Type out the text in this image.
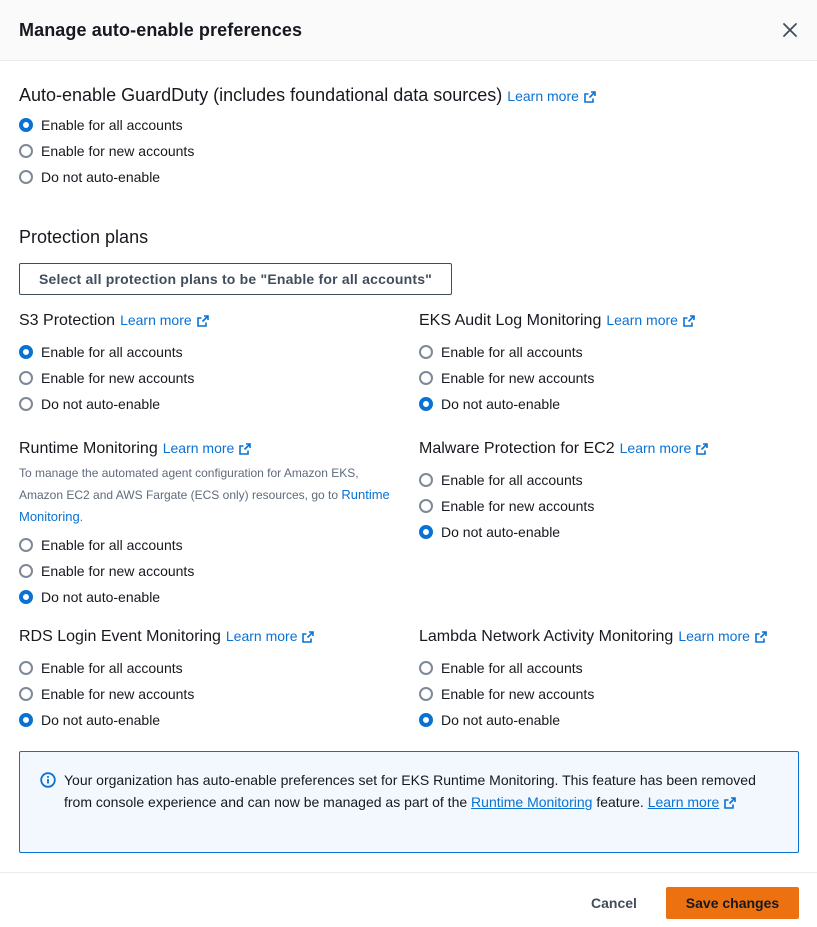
Manage auto-enable preferences
Auto-enable GuardDuty (includes foundational data sources) Learn more
Enable for all accounts
Enable for new accounts
Do not auto-enable
Protection plans
Select all protection plans to be "Enable for all accounts"
S3 Protection Learn more
Enable for all accounts
Enable for new accounts
Do not auto-enable
EKS Audit Log Monitoring Learn more
Enable for all accounts
Enable for new accounts
Do not auto-enable
Runtime Monitoring Learn more
To manage the automated agent configuration for Amazon EKS, Amazon EC2 and AWS Fargate (ECS only) resources, go to Runtime Monitoring.
Enable for all accounts
Enable for new accounts
Do not auto-enable
Malware Protection for EC2 Learn more
Enable for all accounts
Enable for new accounts
Do not auto-enable
RDS Login Event Monitoring Learn more
Enable for all accounts
Enable for new accounts
Do not auto-enable
Lambda Network Activity Monitoring Learn more
Enable for all accounts
Enable for new accounts
Do not auto-enable
Your organization has auto-enable preferences set for EKS Runtime Monitoring. This feature has been removed from console experience and can now be managed as part of the Runtime Monitoring feature. Learn more
Cancel	Save changes
